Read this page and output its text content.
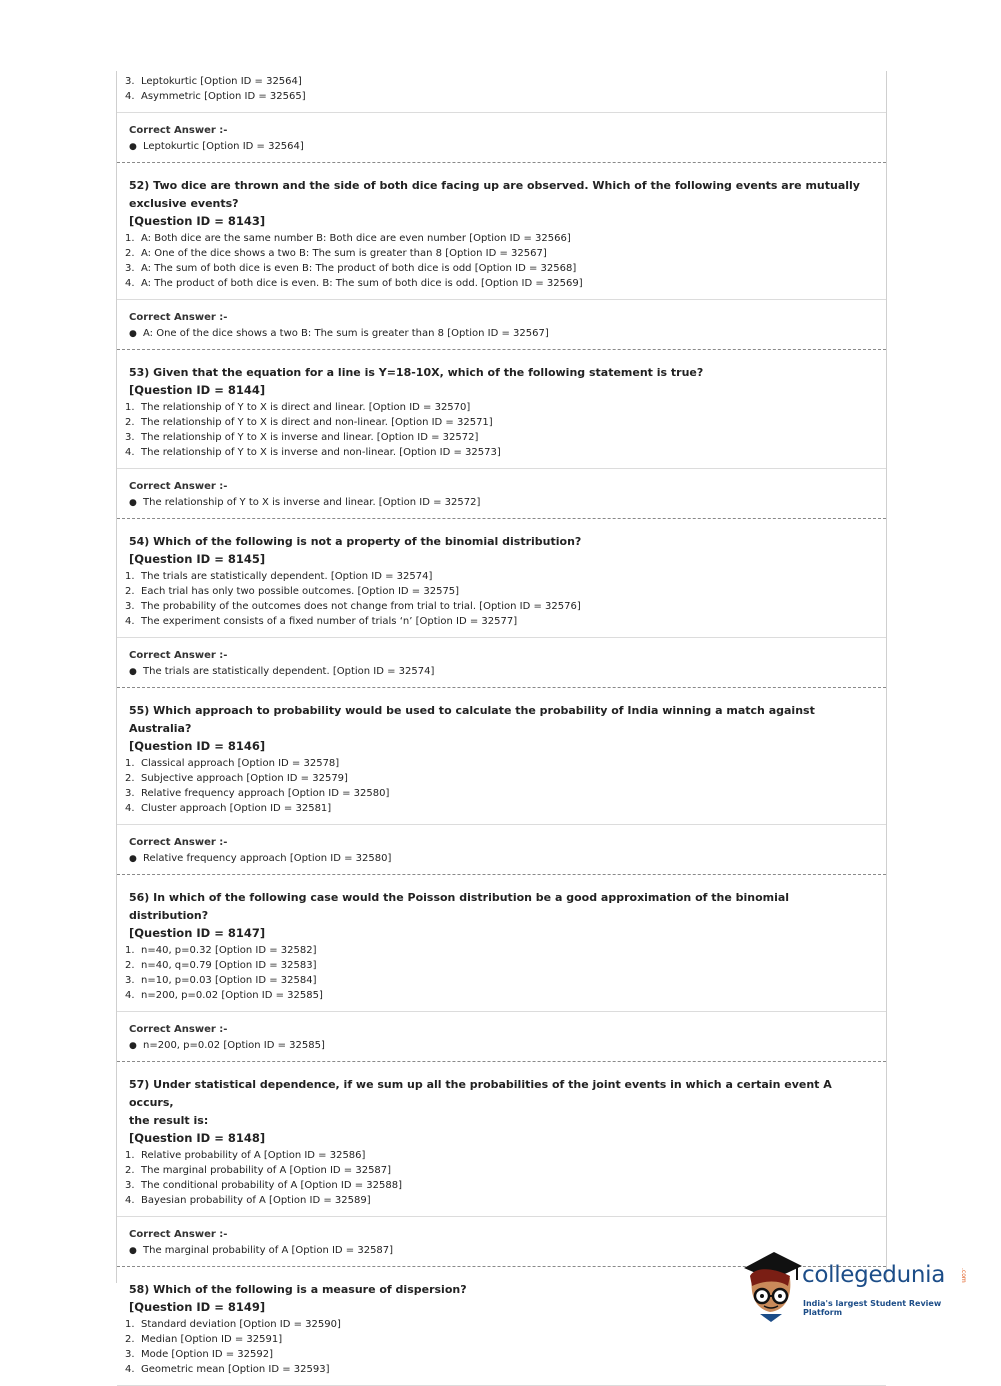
3. Leptokurtic [Option ID = 32564]
4. Asymmetric [Option ID = 32565]
Correct Answer :-
● Leptokurtic [Option ID = 32564]
52) Two dice are thrown and the side of both dice facing up are observed. Which of the following events are mutually
exclusive events?
[Question ID = 8143]
1. A: Both dice are the same number B: Both dice are even number [Option ID = 32566]
2. A: One of the dice shows a two B: The sum is greater than 8 [Option ID = 32567]
3. A: The sum of both dice is even B: The product of both dice is odd [Option ID = 32568]
4. A: The product of both dice is even. B: The sum of both dice is odd. [Option ID = 32569]
Correct Answer :-
● A: One of the dice shows a two B: The sum is greater than 8 [Option ID = 32567]
53) Given that the equation for a line is Y=18-10X, which of the following statement is true?
[Question ID = 8144]
1. The relationship of Y to X is direct and linear. [Option ID = 32570]
2. The relationship of Y to X is direct and non-linear. [Option ID = 32571]
3. The relationship of Y to X is inverse and linear. [Option ID = 32572]
4. The relationship of Y to X is inverse and non-linear. [Option ID = 32573]
Correct Answer :-
● The relationship of Y to X is inverse and linear. [Option ID = 32572]
54) Which of the following is not a property of the binomial distribution?
[Question ID = 8145]
1. The trials are statistically dependent. [Option ID = 32574]
2. Each trial has only two possible outcomes. [Option ID = 32575]
3. The probability of the outcomes does not change from trial to trial. [Option ID = 32576]
4. The experiment consists of a fixed number of trials ‘n’ [Option ID = 32577]
Correct Answer :-
● The trials are statistically dependent. [Option ID = 32574]
55) Which approach to probability would be used to calculate the probability of India winning a match against Australia?
[Question ID = 8146]
1. Classical approach [Option ID = 32578]
2. Subjective approach [Option ID = 32579]
3. Relative frequency approach [Option ID = 32580]
4. Cluster approach [Option ID = 32581]
Correct Answer :-
● Relative frequency approach [Option ID = 32580]
56) In which of the following case would the Poisson distribution be a good approximation of the binomial distribution?
[Question ID = 8147]
1. n=40, p=0.32 [Option ID = 32582]
2. n=40, q=0.79 [Option ID = 32583]
3. n=10, p=0.03 [Option ID = 32584]
4. n=200, p=0.02 [Option ID = 32585]
Correct Answer :-
● n=200, p=0.02 [Option ID = 32585]
57) Under statistical dependence, if we sum up all the probabilities of the joint events in which a certain event A occurs,
the result is:
[Question ID = 8148]
1. Relative probability of A [Option ID = 32586]
2. The marginal probability of A [Option ID = 32587]
3. The conditional probability of A [Option ID = 32588]
4. Bayesian probability of A [Option ID = 32589]
Correct Answer :-
● The marginal probability of A [Option ID = 32587]
58) Which of the following is a measure of dispersion?
[Question ID = 8149]
1. Standard deviation [Option ID = 32590]
2. Median [Option ID = 32591]
3. Mode [Option ID = 32592]
4. Geometric mean [Option ID = 32593]
collegedunia .com
India's largest Student Review Platform
